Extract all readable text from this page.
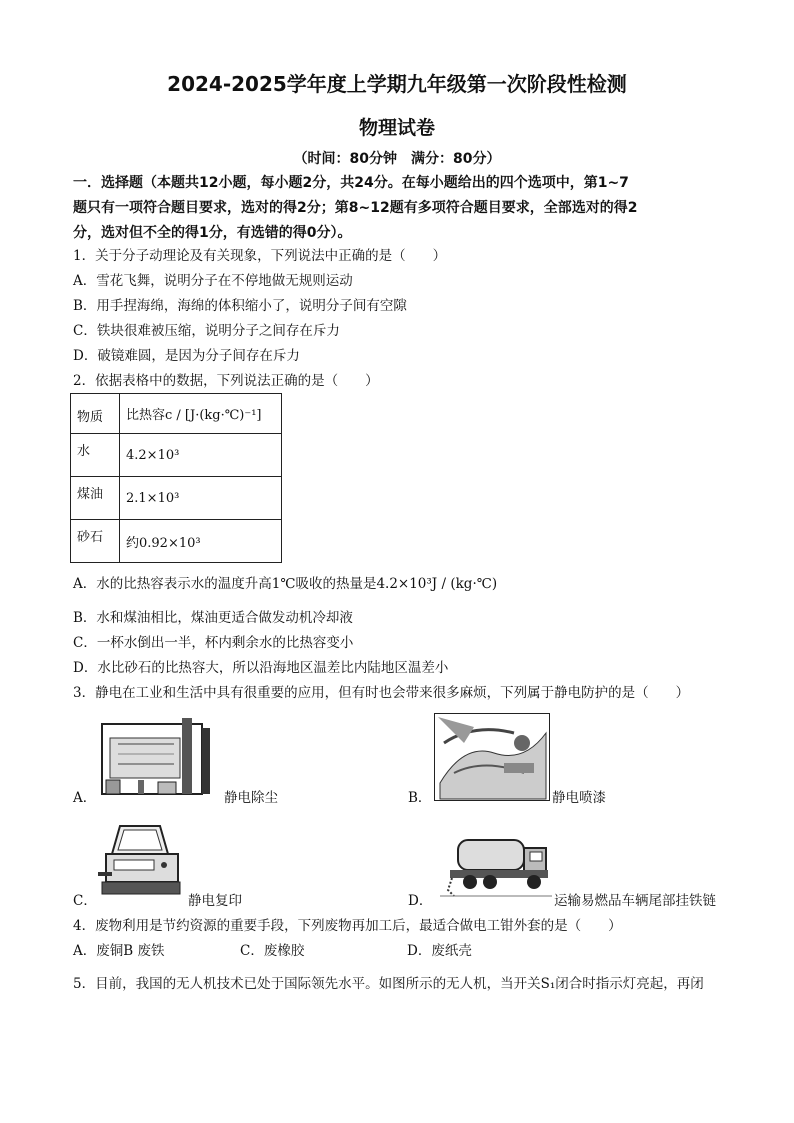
2024-2025学年度上学期九年级第一次阶段性检测
物理试卷
（时间：80分钟　满分：80分）
一．选择题（本题共12小题，每小题2分，共24分。在每小题给出的四个选项中，第1~7
题只有一项符合题目要求，选对的得2分；第8~12题有多项符合题目要求，全部选对的得2
分，选对但不全的得1分，有选错的得0分）。
1．关于分子动理论及有关现象，下列说法中正确的是（　　）
A．雪花飞舞，说明分子在不停地做无规则运动
B．用手捏海绵，海绵的体积缩小了，说明分子间有空隙
C．铁块很难被压缩，说明分子之间存在斥力
D．破镜难圆，是因为分子间存在斥力
2．依据表格中的数据，下列说法正确的是（　　）
物质	比热容c / [J·(kg·℃)⁻¹]
水	4.2×10³
煤油	2.1×10³
砂石	约0.92×10³
A．水的比热容表示水的温度升高1℃吸收的热量是4.2×10³J / (kg·℃)
B．水和煤油相比，煤油更适合做发动机冷却液
C．一杯水倒出一半，杯内剩余水的比热容变小
D．水比砂石的比热容大，所以沿海地区温差比内陆地区温差小
3．静电在工业和生活中具有很重要的应用，但有时也会带来很多麻烦，下列属于静电防护的是（　　）
A．	静电除尘	B．	静电喷漆
C．	静电复印	D．	运输易燃品车辆尾部挂铁链
4．废物利用是节约资源的重要手段，下列废物再加工后，最适合做电工钳外套的是（　　）
A．废铜B 废铁	C．废橡胶	D．废纸壳
5．目前，我国的无人机技术已处于国际领先水平。如图所示的无人机，当开关S₁闭合时指示灯亮起，再闭
